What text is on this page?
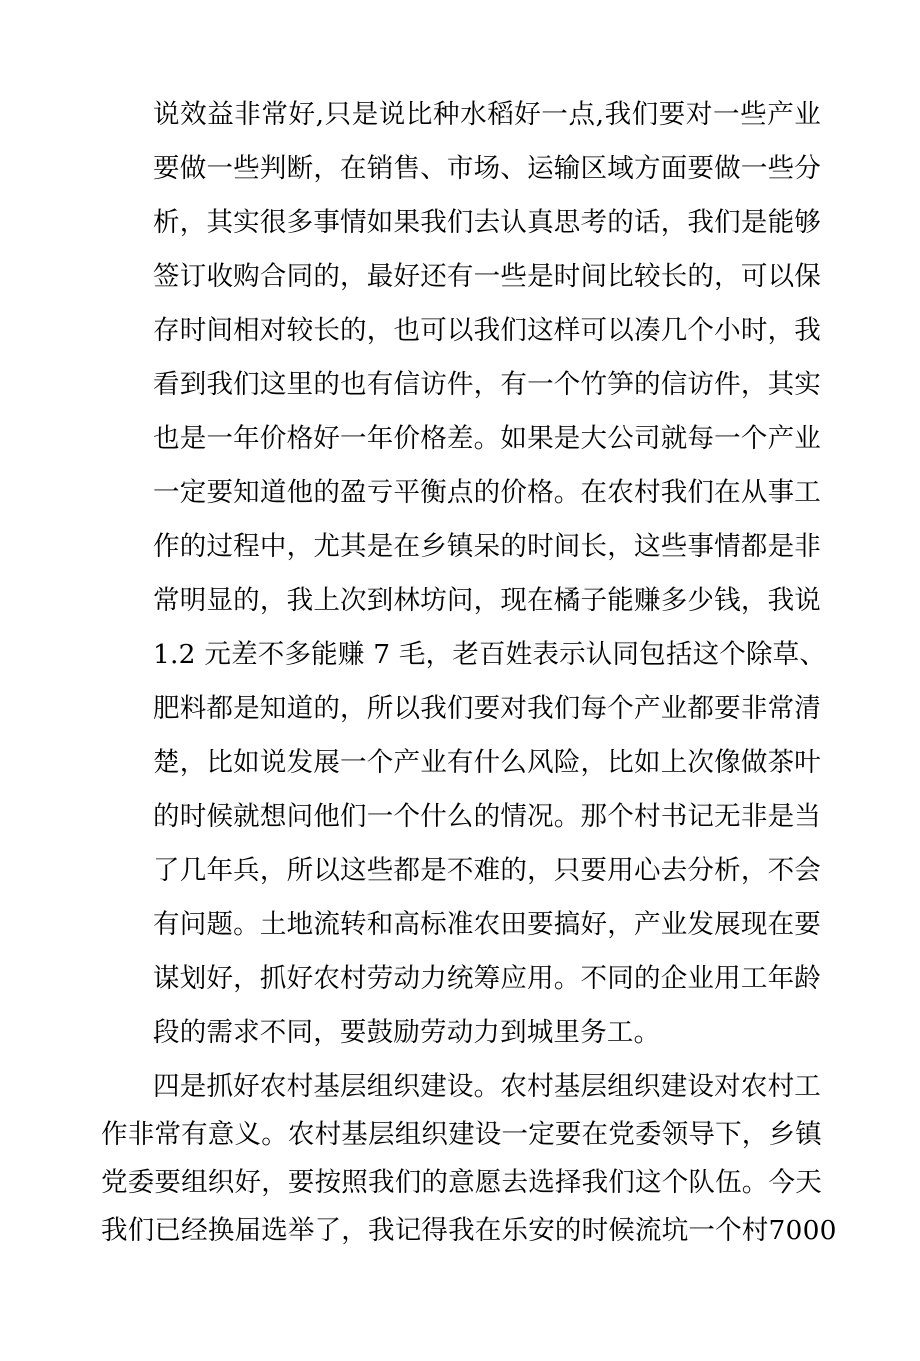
说效益非常好,只是说比种水稻好一点,我们要对一些产业
要做一些判断，在销售、市场、运输区域方面要做一些分
析，其实很多事情如果我们去认真思考的话，我们是能够
签订收购合同的，最好还有一些是时间比较长的，可以保
存时间相对较长的，也可以我们这样可以凑几个小时，我
看到我们这里的也有信访件，有一个竹笋的信访件，其实
也是一年价格好一年价格差。如果是大公司就每一个产业
一定要知道他的盈亏平衡点的价格。在农村我们在从事工
作的过程中，尤其是在乡镇呆的时间长，这些事情都是非
常明显的，我上次到林坊问，现在橘子能赚多少钱，我说
1.2 元差不多能赚 7 毛，老百姓表示认同包括这个除草、
肥料都是知道的，所以我们要对我们每个产业都要非常清
楚，比如说发展一个产业有什么风险，比如上次像做茶叶
的时候就想问他们一个什么的情况。那个村书记无非是当
了几年兵，所以这些都是不难的，只要用心去分析，不会
有问题。土地流转和高标准农田要搞好，产业发展现在要
谋划好，抓好农村劳动力统筹应用。不同的企业用工年龄
段的需求不同，要鼓励劳动力到城里务工。
四是抓好农村基层组织建设。农村基层组织建设对农村工
作非常有意义。农村基层组织建设一定要在党委领导下，乡镇
党委要组织好，要按照我们的意愿去选择我们这个队伍。今天
我们已经换届选举了，我记得我在乐安的时候流坑一个村7000
